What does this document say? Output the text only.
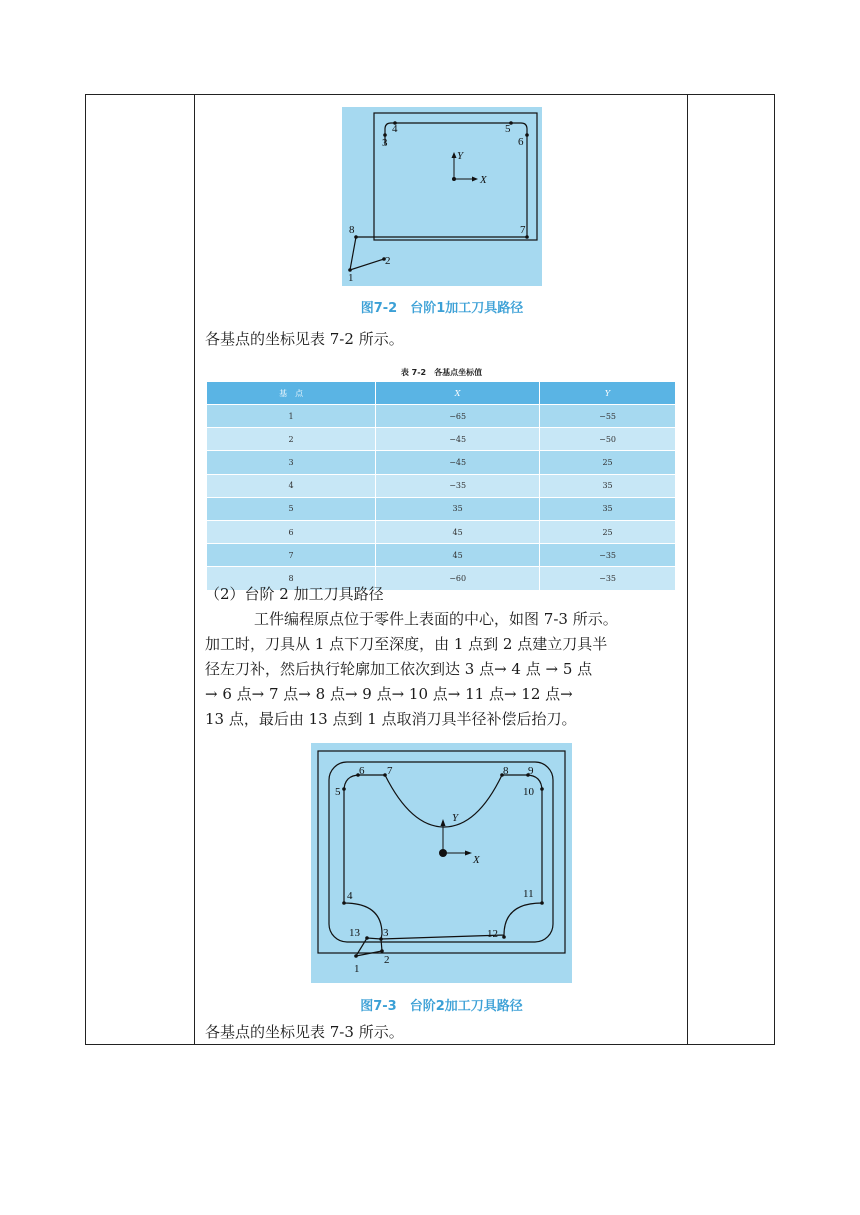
Y
X
1
2
3
4	5
6
7
8
图7-2　台阶1加工刀具路径
各基点的坐标见表 7-2 所示。
表 7-2　各基点坐标值
基　点	X	Y
1	−65	−55
2	−45	−50
3	−45	25
4	−35	35
5	35	35
6	45	25
7	45	−35
8	−60	−35
（2）台阶 2 加工刀具路径
工件编程原点位于零件上表面的中心，如图 7-3 所示。
加工时，刀具从 1 点下刀至深度，由 1 点到 2 点建立刀具半
径左刀补，然后执行轮廓加工依次到达 3 点→ 4 点 → 5 点
→ 6 点→ 7 点→ 8 点→ 9 点→ 10 点→ 11 点→ 12 点→
13 点，最后由 13 点到 1 点取消刀具半径补偿后抬刀。
Y
X
1
2
3
4
5
6 7	8 9
10
11
12
13
图7-3　台阶2加工刀具路径
各基点的坐标见表 7-3 所示。
